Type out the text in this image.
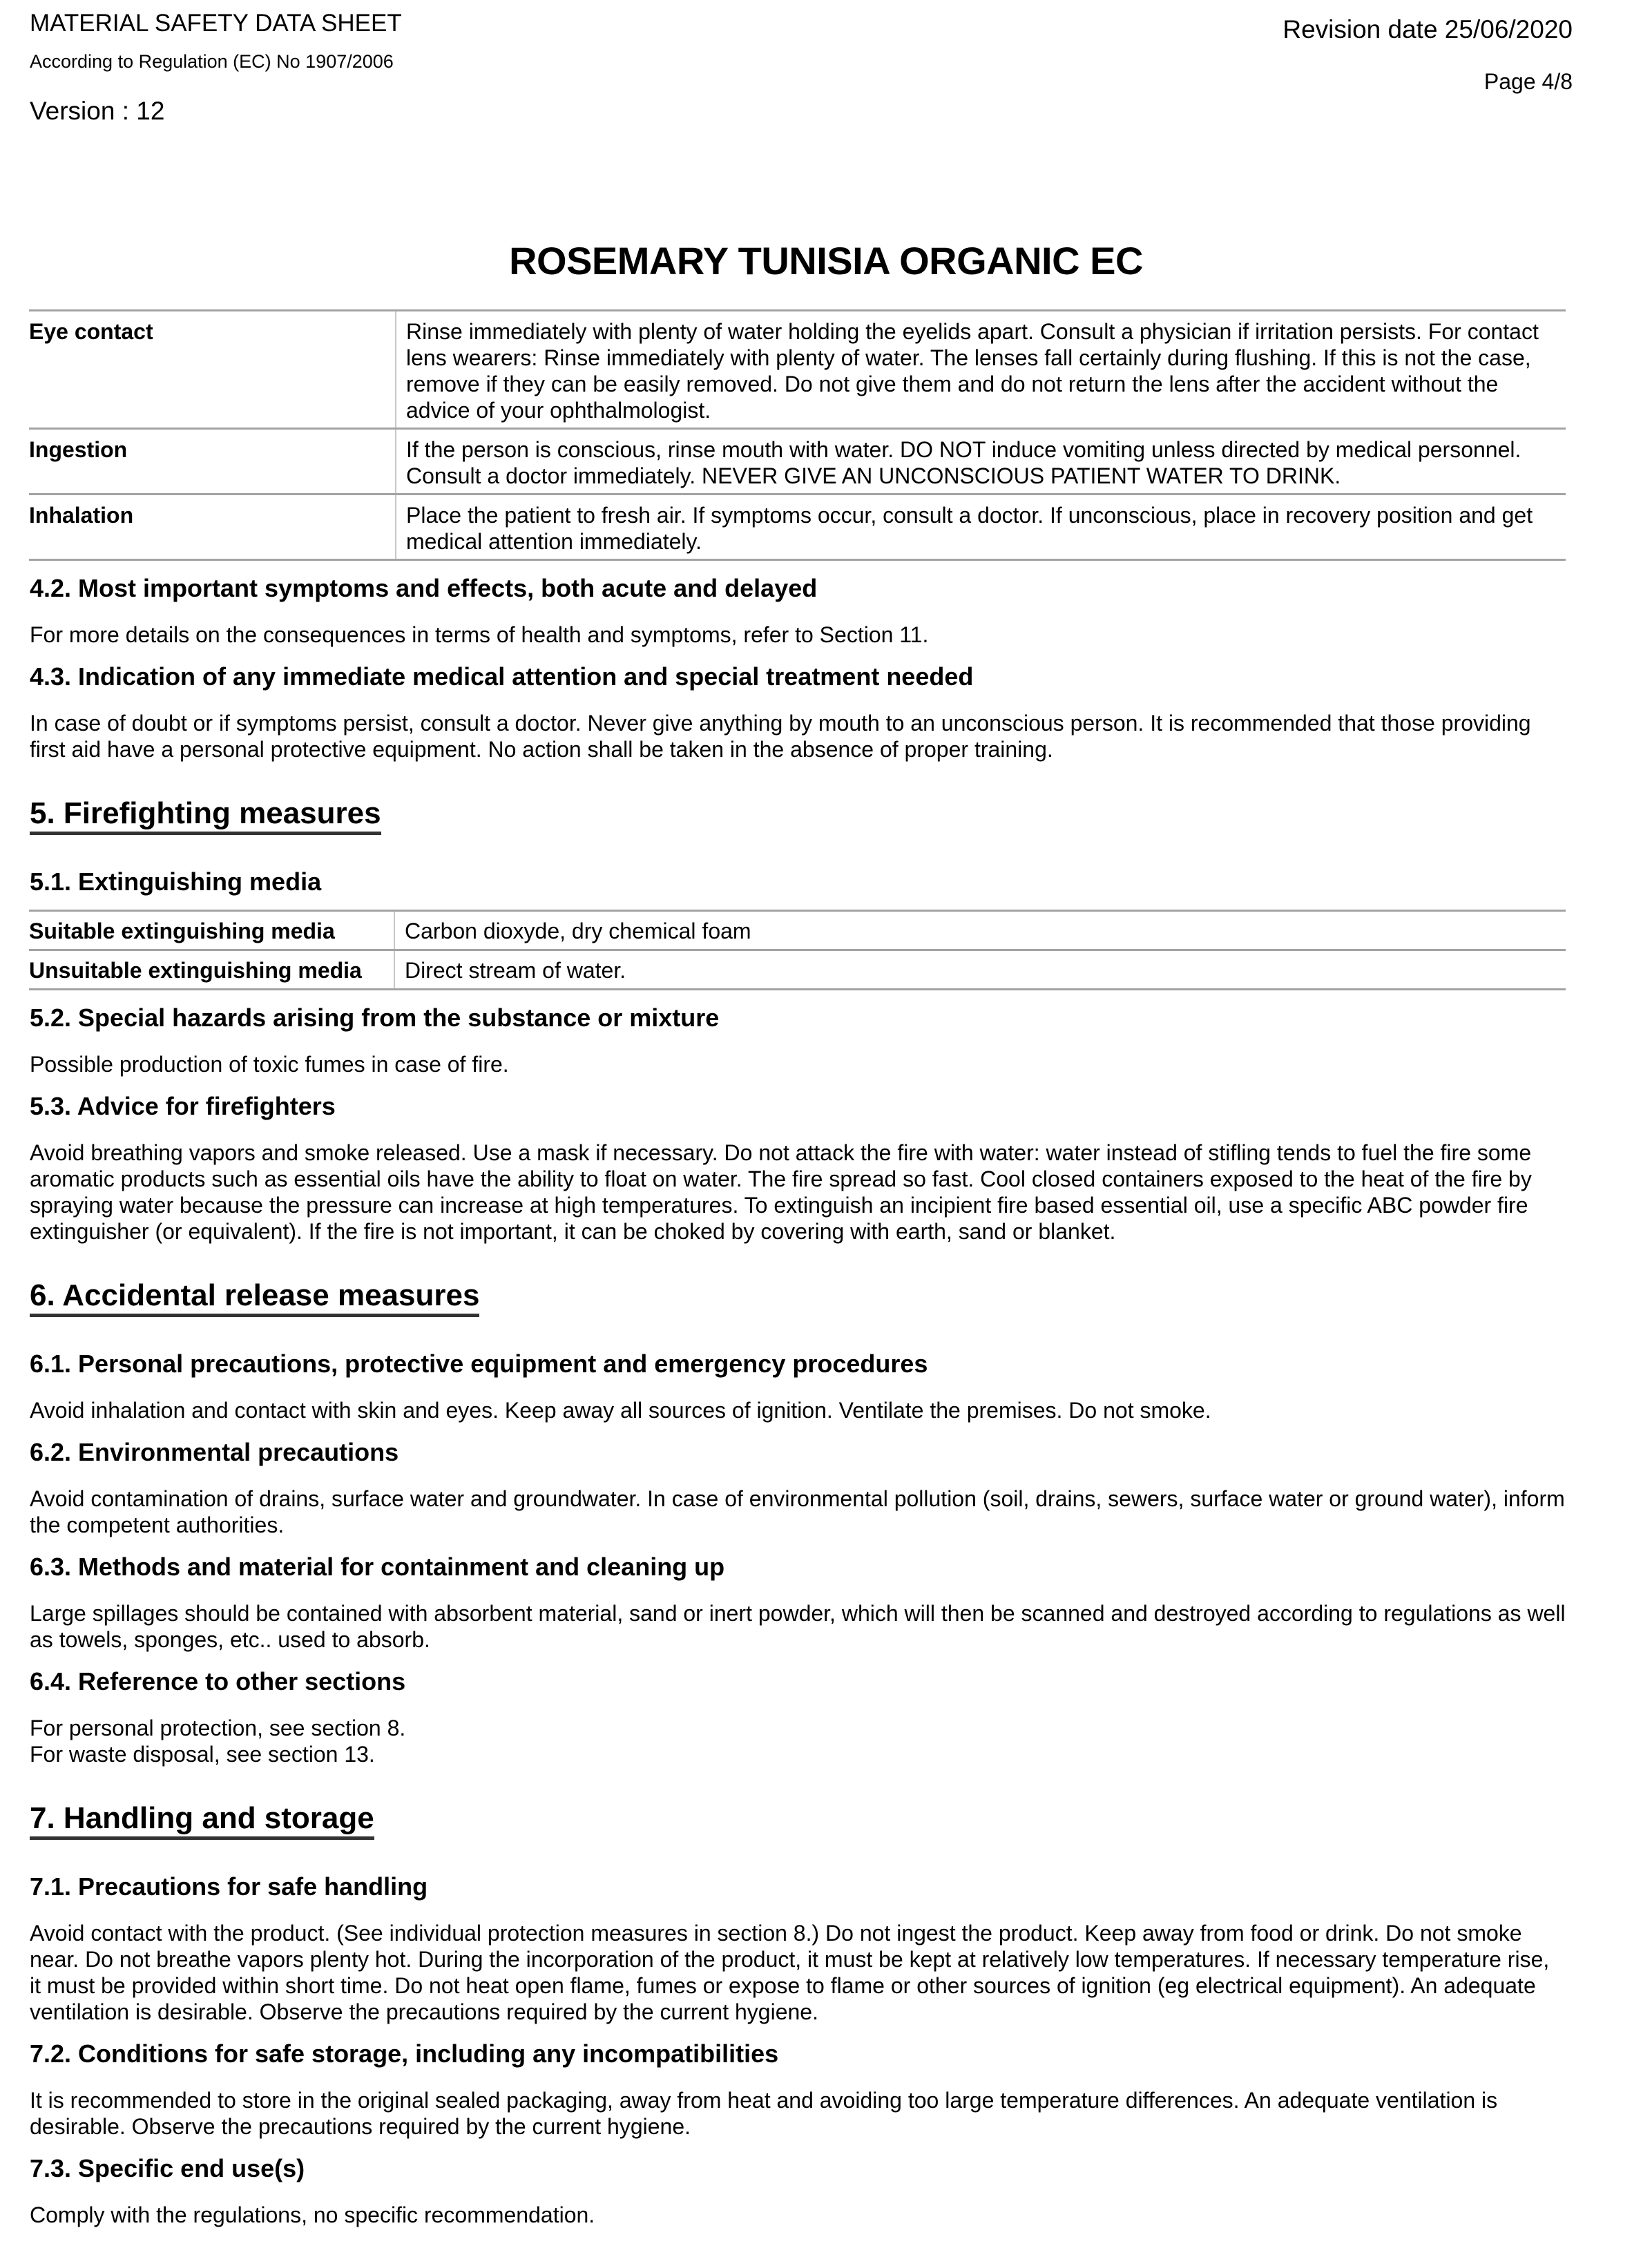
MATERIAL SAFETY DATA SHEET
According to Regulation (EC) No 1907/2006
Version : 12
Revision date 25/06/2020
Page 4/8
ROSEMARY TUNISIA ORGANIC EC
Eye contact	Rinse immediately with plenty of water holding the eyelids apart. Consult a physician if irritation persists. For contact lens wearers: Rinse immediately with plenty of water. The lenses fall certainly during flushing. If this is not the case, remove if they can be easily removed. Do not give them and do not return the lens after the accident without the advice of your ophthalmologist.
Ingestion	If the person is conscious, rinse mouth with water. DO NOT induce vomiting unless directed by medical personnel. Consult a doctor immediately. NEVER GIVE AN UNCONSCIOUS PATIENT WATER TO DRINK.
Inhalation	Place the patient to fresh air. If symptoms occur, consult a doctor. If unconscious, place in recovery position and get medical attention immediately.
4.2. Most important symptoms and effects, both acute and delayed

For more details on the consequences in terms of health and symptoms, refer to Section 11.

4.3. Indication of any immediate medical attention and special treatment needed

In case of doubt or if symptoms persist, consult a doctor. Never give anything by mouth to an unconscious person. It is recommended that those providing first aid have a personal protective equipment. No action shall be taken in the absence of proper training.

5. Firefighting measures
5.1. Extinguishing media
Suitable extinguishing media	Carbon dioxyde, dry chemical foam
Unsuitable extinguishing media	Direct stream of water.
5.2. Special hazards arising from the substance or mixture

Possible production of toxic fumes in case of fire.

5.3. Advice for firefighters

Avoid breathing vapors and smoke released. Use a mask if necessary. Do not attack the fire with water: water instead of stifling tends to fuel the fire some aromatic products such as essential oils have the ability to float on water. The fire spread so fast. Cool closed containers exposed to the heat of the fire by spraying water because the pressure can increase at high temperatures. To extinguish an incipient fire based essential oil, use a specific ABC powder fire extinguisher (or equivalent). If the fire is not important, it can be choked by covering with earth, sand or blanket.

6. Accidental release measures
6.1. Personal precautions, protective equipment and emergency procedures

Avoid inhalation and contact with skin and eyes. Keep away all sources of ignition. Ventilate the premises. Do not smoke.

6.2. Environmental precautions

Avoid contamination of drains, surface water and groundwater. In case of environmental pollution (soil, drains, sewers, surface water or ground water), inform the competent authorities.

6.3. Methods and material for containment and cleaning up

Large spillages should be contained with absorbent material, sand or inert powder, which will then be scanned and destroyed according to regulations as well as towels, sponges, etc.. used to absorb.

6.4. Reference to other sections

For personal protection, see section 8.
For waste disposal, see section 13.

7. Handling and storage
7.1. Precautions for safe handling

Avoid contact with the product. (See individual protection measures in section 8.) Do not ingest the product. Keep away from food or drink. Do not smoke near. Do not breathe vapors plenty hot. During the incorporation of the product, it must be kept at relatively low temperatures. If necessary temperature rise, it must be provided within short time. Do not heat open flame, fumes or expose to flame or other sources of ignition (eg electrical equipment). An adequate ventilation is desirable. Observe the precautions required by the current hygiene.

7.2. Conditions for safe storage, including any incompatibilities

It is recommended to store in the original sealed packaging, away from heat and avoiding too large temperature differences. An adequate ventilation is desirable. Observe the precautions required by the current hygiene.

7.3. Specific end use(s)

Comply with the regulations, no specific recommendation.
